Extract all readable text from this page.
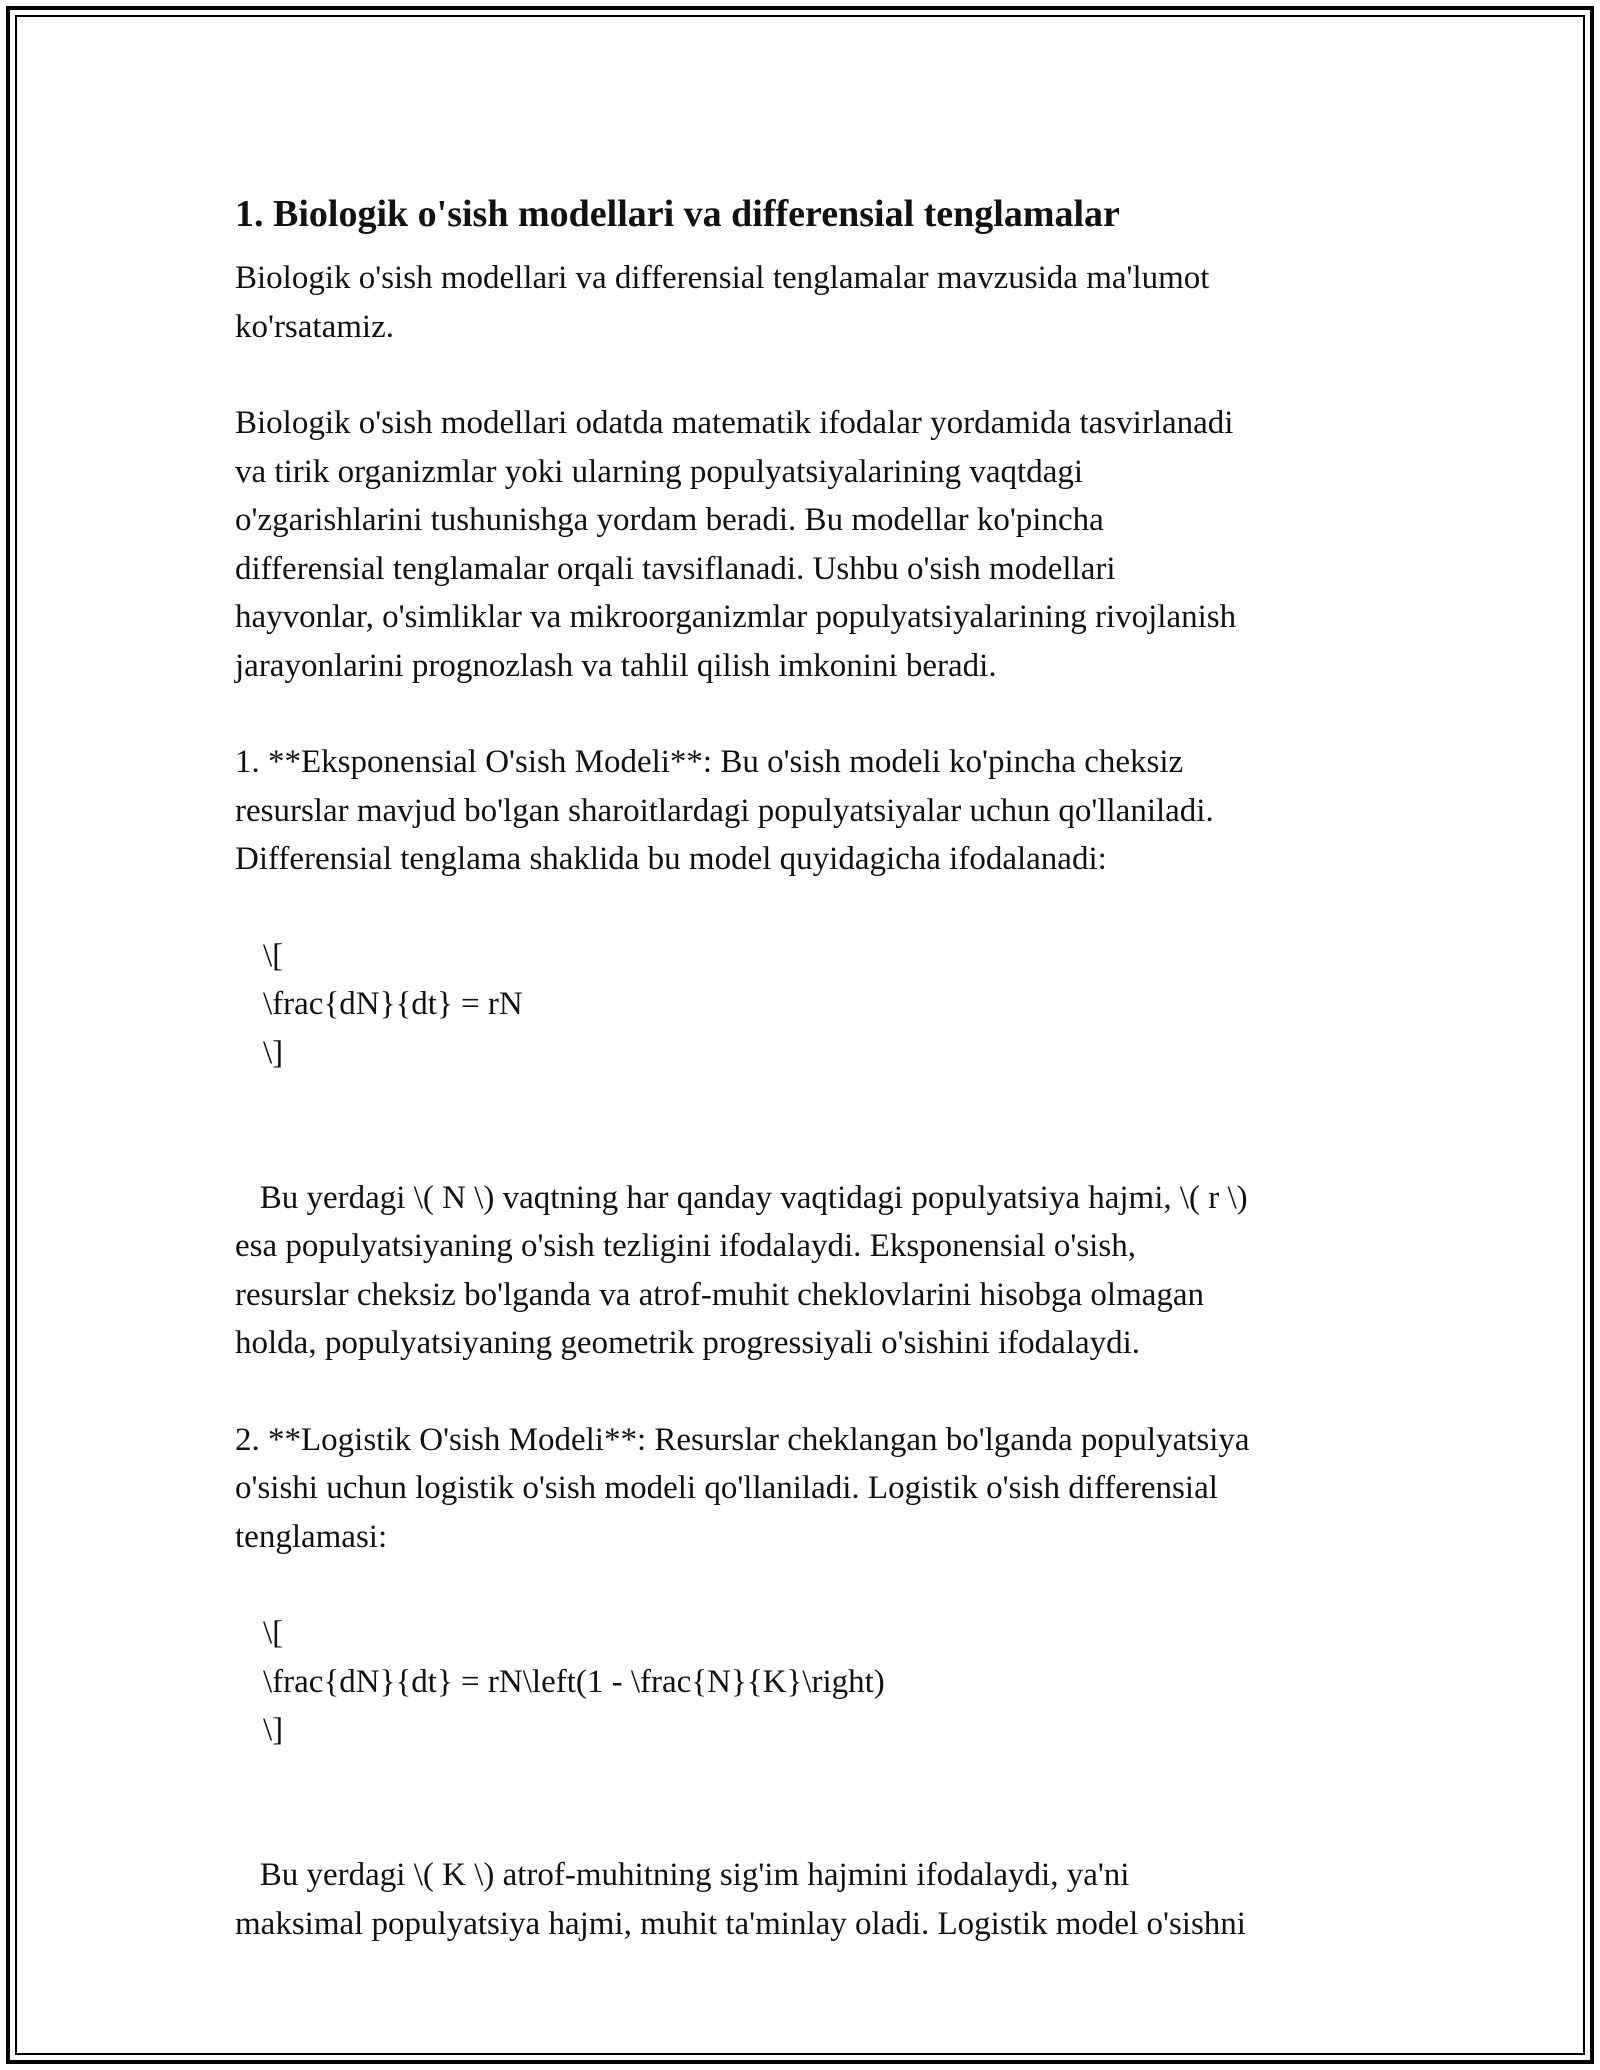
1. Biologik o'sish modellari va differensial tenglamalar

Biologik o'sish modellari va differensial tenglamalar mavzusida ma'lumot
ko'rsatamiz.

Biologik o'sish modellari odatda matematik ifodalar yordamida tasvirlanadi
va tirik organizmlar yoki ularning populyatsiyalarining vaqtdagi
o'zgarishlarini tushunishga yordam beradi. Bu modellar ko'pincha
differensial tenglamalar orqali tavsiflanadi. Ushbu o'sish modellari
hayvonlar, o'simliklar va mikroorganizmlar populyatsiyalarining rivojlanish
jarayonlarini prognozlash va tahlil qilish imkonini beradi.

1. **Eksponensial O'sish Modeli**: Bu o'sish modeli ko'pincha cheksiz
resurslar mavjud bo'lgan sharoitlardagi populyatsiyalar uchun qo'llaniladi.
Differensial tenglama shaklida bu model quyidagicha ifodalanadi:

\[
\frac{dN}{dt} = rN
\]

Bu yerdagi \( N \) vaqtning har qanday vaqtidagi populyatsiya hajmi, \( r \)
esa populyatsiyaning o'sish tezligini ifodalaydi. Eksponensial o'sish,
resurslar cheksiz bo'lganda va atrof-muhit cheklovlarini hisobga olmagan
holda, populyatsiyaning geometrik progressiyali o'sishini ifodalaydi.

2. **Logistik O'sish Modeli**: Resurslar cheklangan bo'lganda populyatsiya
o'sishi uchun logistik o'sish modeli qo'llaniladi. Logistik o'sish differensial
tenglamasi:

\[
\frac{dN}{dt} = rN\left(1 - \frac{N}{K}\right)
\]

Bu yerdagi \( K \) atrof-muhitning sig'im hajmini ifodalaydi, ya'ni
maksimal populyatsiya hajmi, muhit ta'minlay oladi. Logistik model o'sishni
